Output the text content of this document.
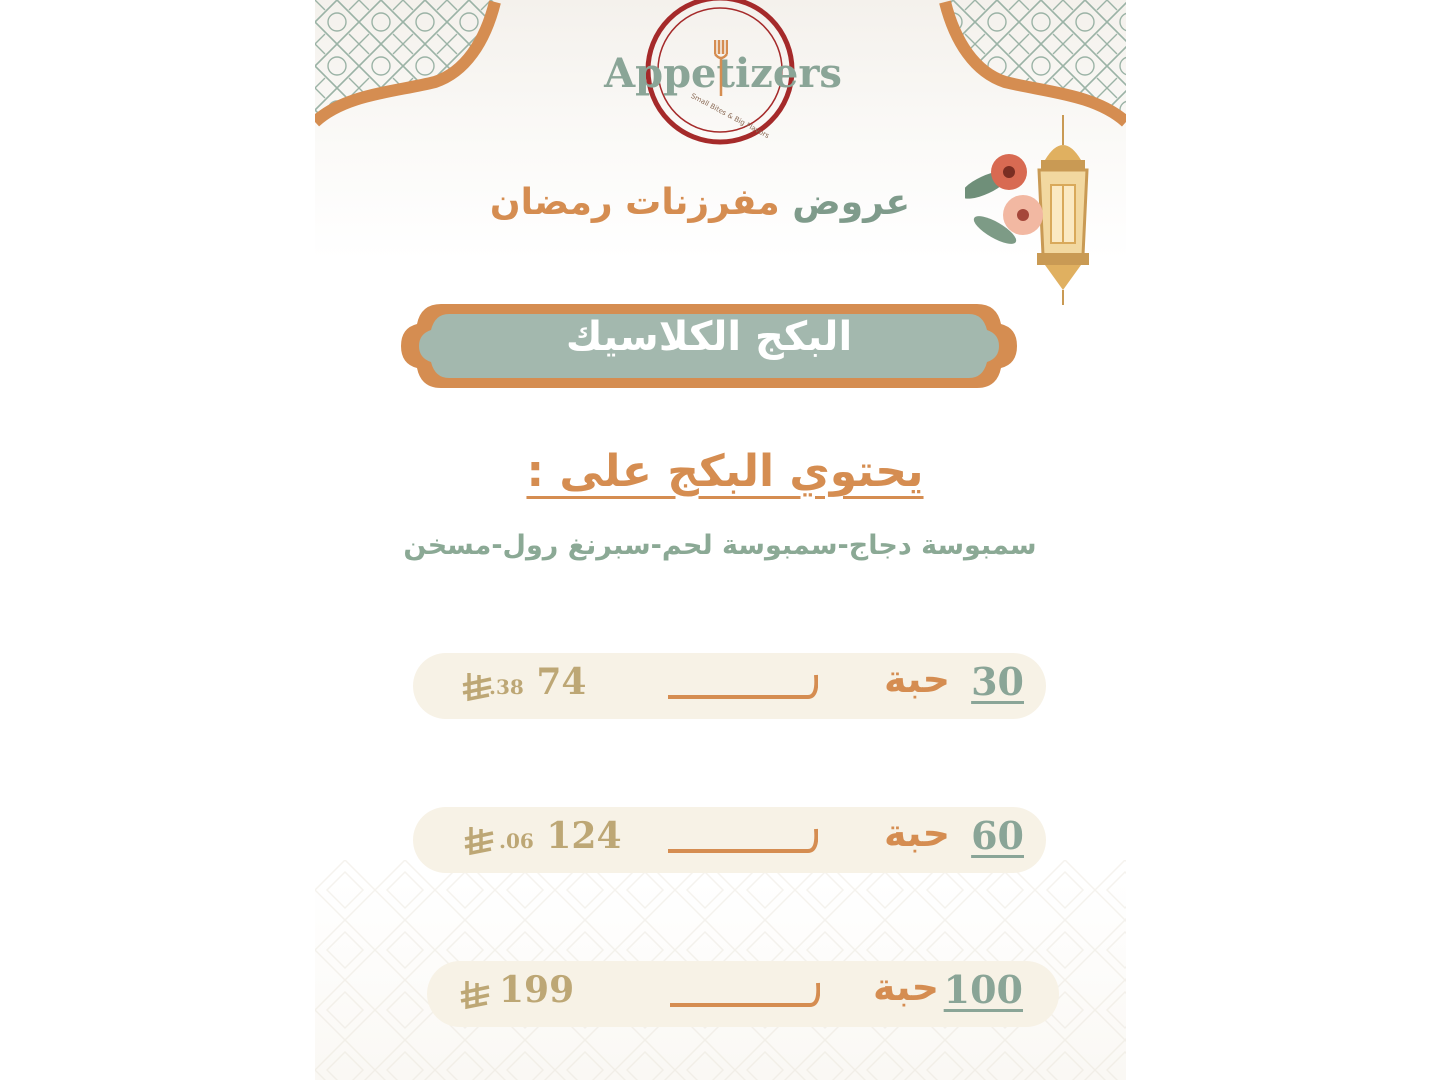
Appetizers
Small Bites & Big Flavors
عروض مفرزنات رمضان
البكج الكلاسيك
يحتوي البكج على :
سمبوسة دجاج-سمبوسة لحم-سبرنغ رول-مسخن
30
حبة
.38 74
60
حبة
.06 124
100
حبة
199
